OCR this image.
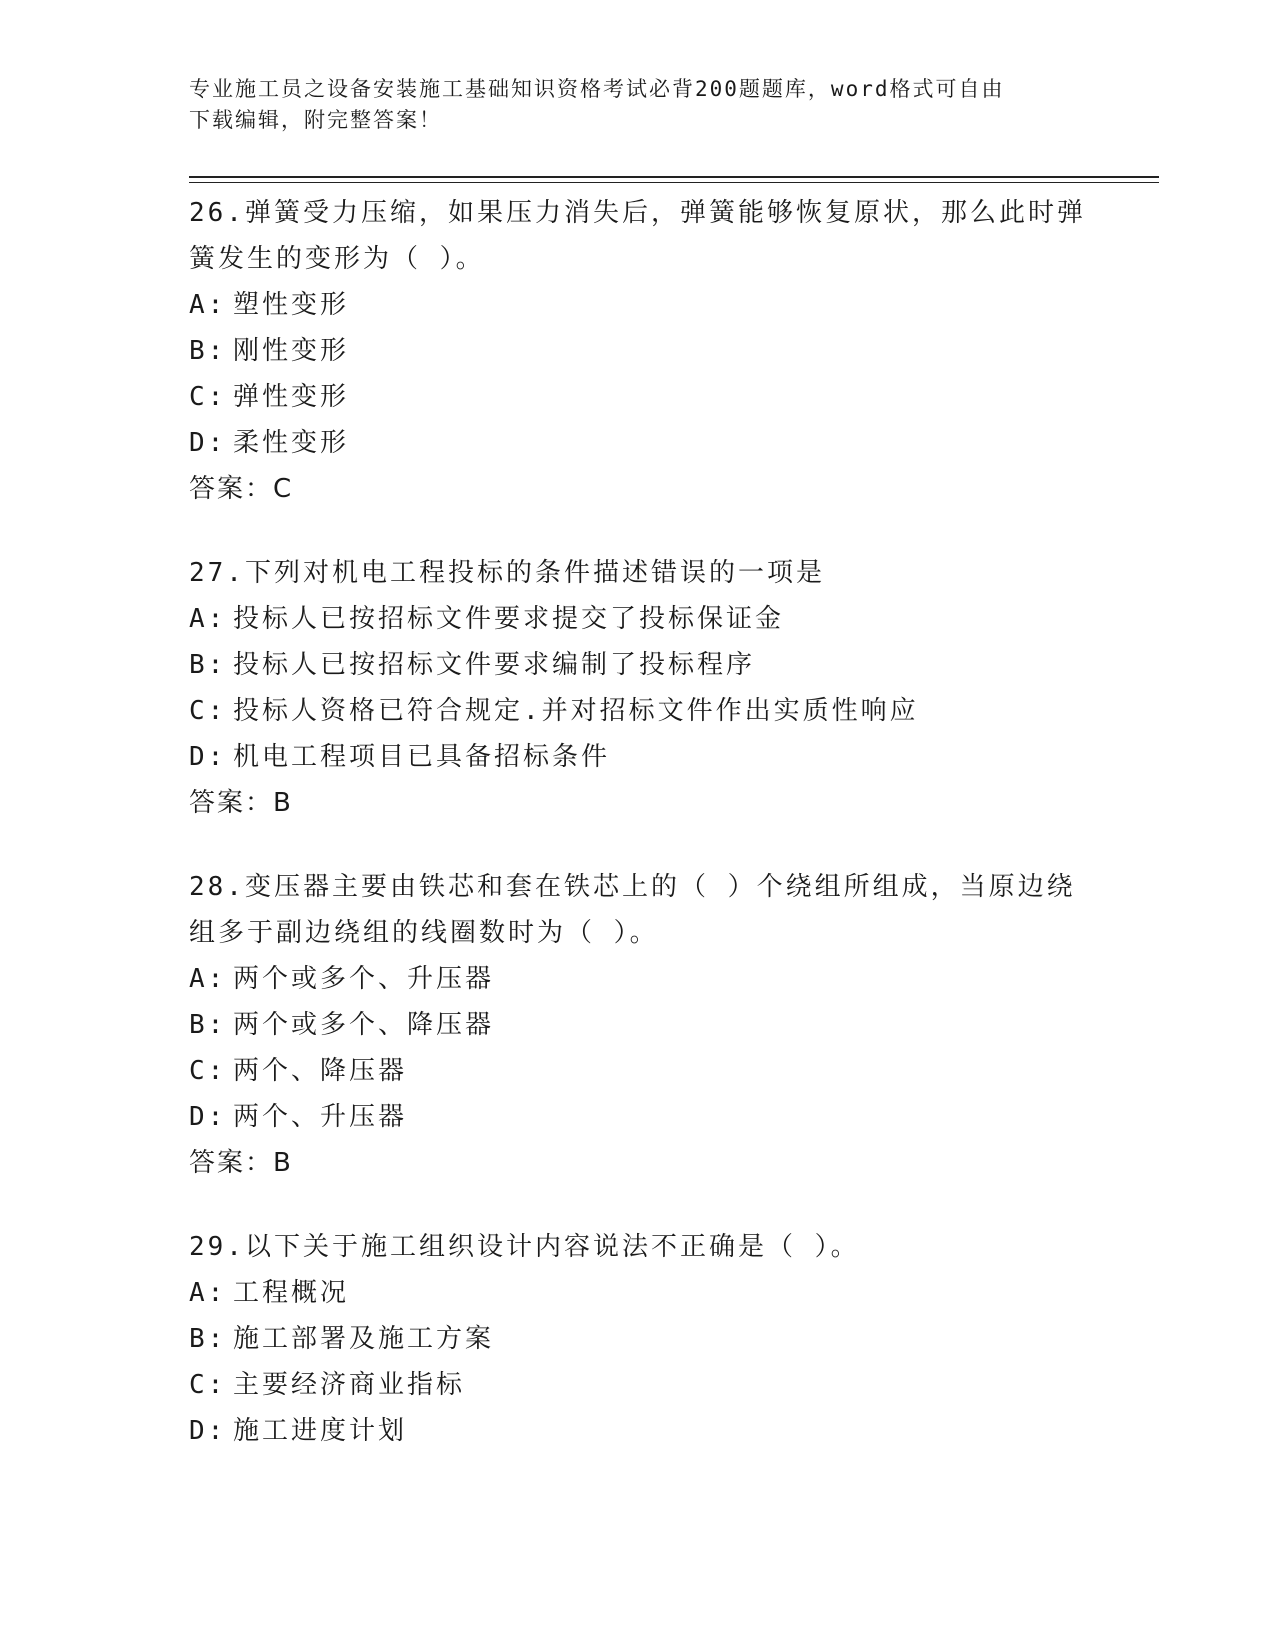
专业施工员之设备安装施工基础知识资格考试必背200题题库，word格式可自由
下载编辑，附完整答案！
26.弹簧受力压缩，如果压力消失后，弹簧能够恢复原状，那么此时弹
簧发生的变形为（ ）。
A: 塑性变形
B: 刚性变形
C: 弹性变形
D: 柔性变形
答案：C
27.下列对机电工程投标的条件描述错误的一项是
A: 投标人已按招标文件要求提交了投标保证金
B: 投标人已按招标文件要求编制了投标程序
C: 投标人资格已符合规定.并对招标文件作出实质性响应
D: 机电工程项目已具备招标条件
答案：B
28.变压器主要由铁芯和套在铁芯上的（ ）个绕组所组成，当原边绕
组多于副边绕组的线圈数时为（ ）。
A: 两个或多个、升压器
B: 两个或多个、降压器
C: 两个、降压器
D: 两个、升压器
答案：B
29.以下关于施工组织设计内容说法不正确是（ ）。
A: 工程概况
B: 施工部署及施工方案
C: 主要经济商业指标
D: 施工进度计划
